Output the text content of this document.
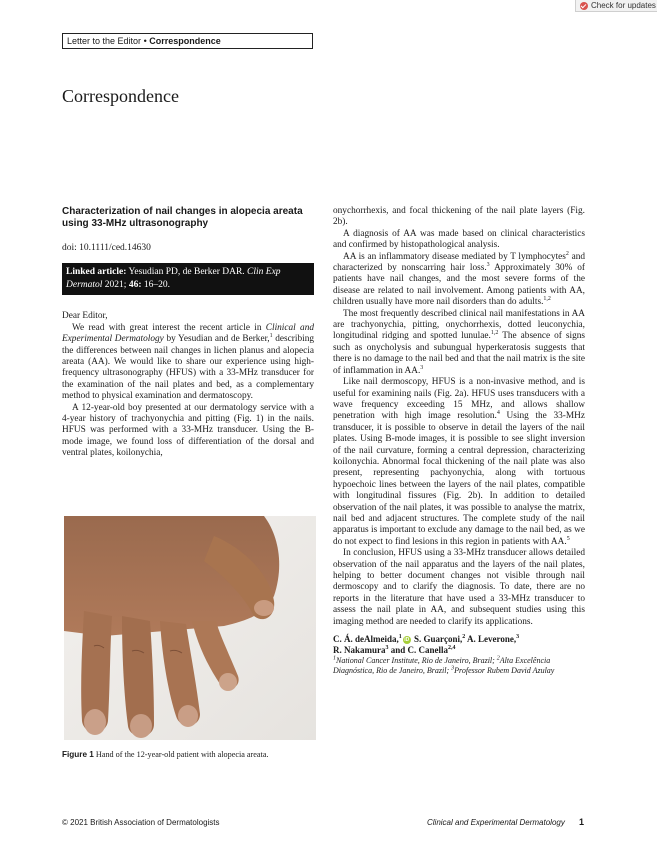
Check for updates
Letter to the Editor • Correspondence
Correspondence

Characterization of nail changes in alopecia areata using 33-MHz ultrasonography

doi: 10.1111/ced.14630

Linked article: Yesudian PD, de Berker DAR. Clin Exp Dermatol 2021; 46: 16–20.

Dear Editor,

We read with great interest the recent article in Clinical and Experimental Dermatology by Yesudian and de Berker,$^1$ describing the differences between nail changes in lichen planus and alopecia areata (AA). We would like to share our experience using high-frequency ultrasonography (HFUS) with a 33-MHz transducer for the examination of the nail plates and bed, as a complementary method to physical examination and dermatoscopy.

A 12-year-old boy presented at our dermatology service with a 4-year history of trachyonychia and pitting (Fig. 1) in the nails. HFUS was performed with a 33-MHz transducer. Using the B-mode image, we found loss of differentiation of the dorsal and ventral plates, koilonychia,

Figure 1 Hand of the 12-year-old patient with alopecia areata.

onychorrhexis, and focal thickening of the nail plate layers (Fig. 2b).

A diagnosis of AA was made based on clinical characteristics and confirmed by histopathological analysis.

AA is an inflammatory disease mediated by T lymphocytes$^2$ and characterized by nonscarring hair loss.$^3$ Approximately 30% of patients have nail changes, and the most severe forms of the disease are related to nail involvement. Among patients with AA, children usually have more nail disorders than do adults.$^{1,2}$

The most frequently described clinical nail manifestations in AA are trachyonychia, pitting, onychorrhexis, dotted leuconychia, longitudinal ridging and spotted lunulae.$^{1,2}$ The absence of signs such as onycholysis and subungual hyperkeratosis suggests that there is no damage to the nail bed and that the nail matrix is the site of inflammation in AA.$^3$

Like nail dermoscopy, HFUS is a non-invasive method, and is useful for examining nails (Fig. 2a). HFUS uses transducers with a wave frequency exceeding 15 MHz, and allows shallow penetration with high image resolution.$^4$ Using the 33-MHz transducer, it is possible to observe in detail the layers of the nail plates. Using B-mode images, it is possible to see slight inversion of the nail curvature, forming a central depression, characterizing koilonychia. Abnormal focal thickening of the nail plate was also present, representing pachyonychia, along with tortuous hypoechoic lines between the layers of the nail plates, compatible with longitudinal fissures (Fig. 2b). In addition to detailed observation of the nail plates, it was possible to analyse the matrix, nail bed and adjacent structures. The complete study of the nail apparatus is important to exclude any damage to the nail bed, as we do not expect to find lesions in this region in patients with AA.$^5$

In conclusion, HFUS using a 33-MHz transducer allows detailed observation of the nail apparatus and the layers of the nail plates, helping to better document changes not visible through nail dermoscopy and to clarify the diagnosis. To date, there are no reports in the literature that have used a 33-MHz transducer to assess the nail plate in AA, and subsequent studies using this imaging method are needed to clarify its applications.

C. Á. deAlmeida,$^1$iD S. Guarçoni,$^2$ A. Leverone,$^3$
R. Nakamura$^3$ and C. Canella$^{2,4}$
$^1$National Cancer Institute, Rio de Janeiro, Brazil; $^2$Alta Excelência Diagnóstica, Rio de Janeiro, Brazil; $^3$Professor Rubem David Azulay
© 2021 British Association of Dermatologists	Clinical and Experimental Dermatology 1
